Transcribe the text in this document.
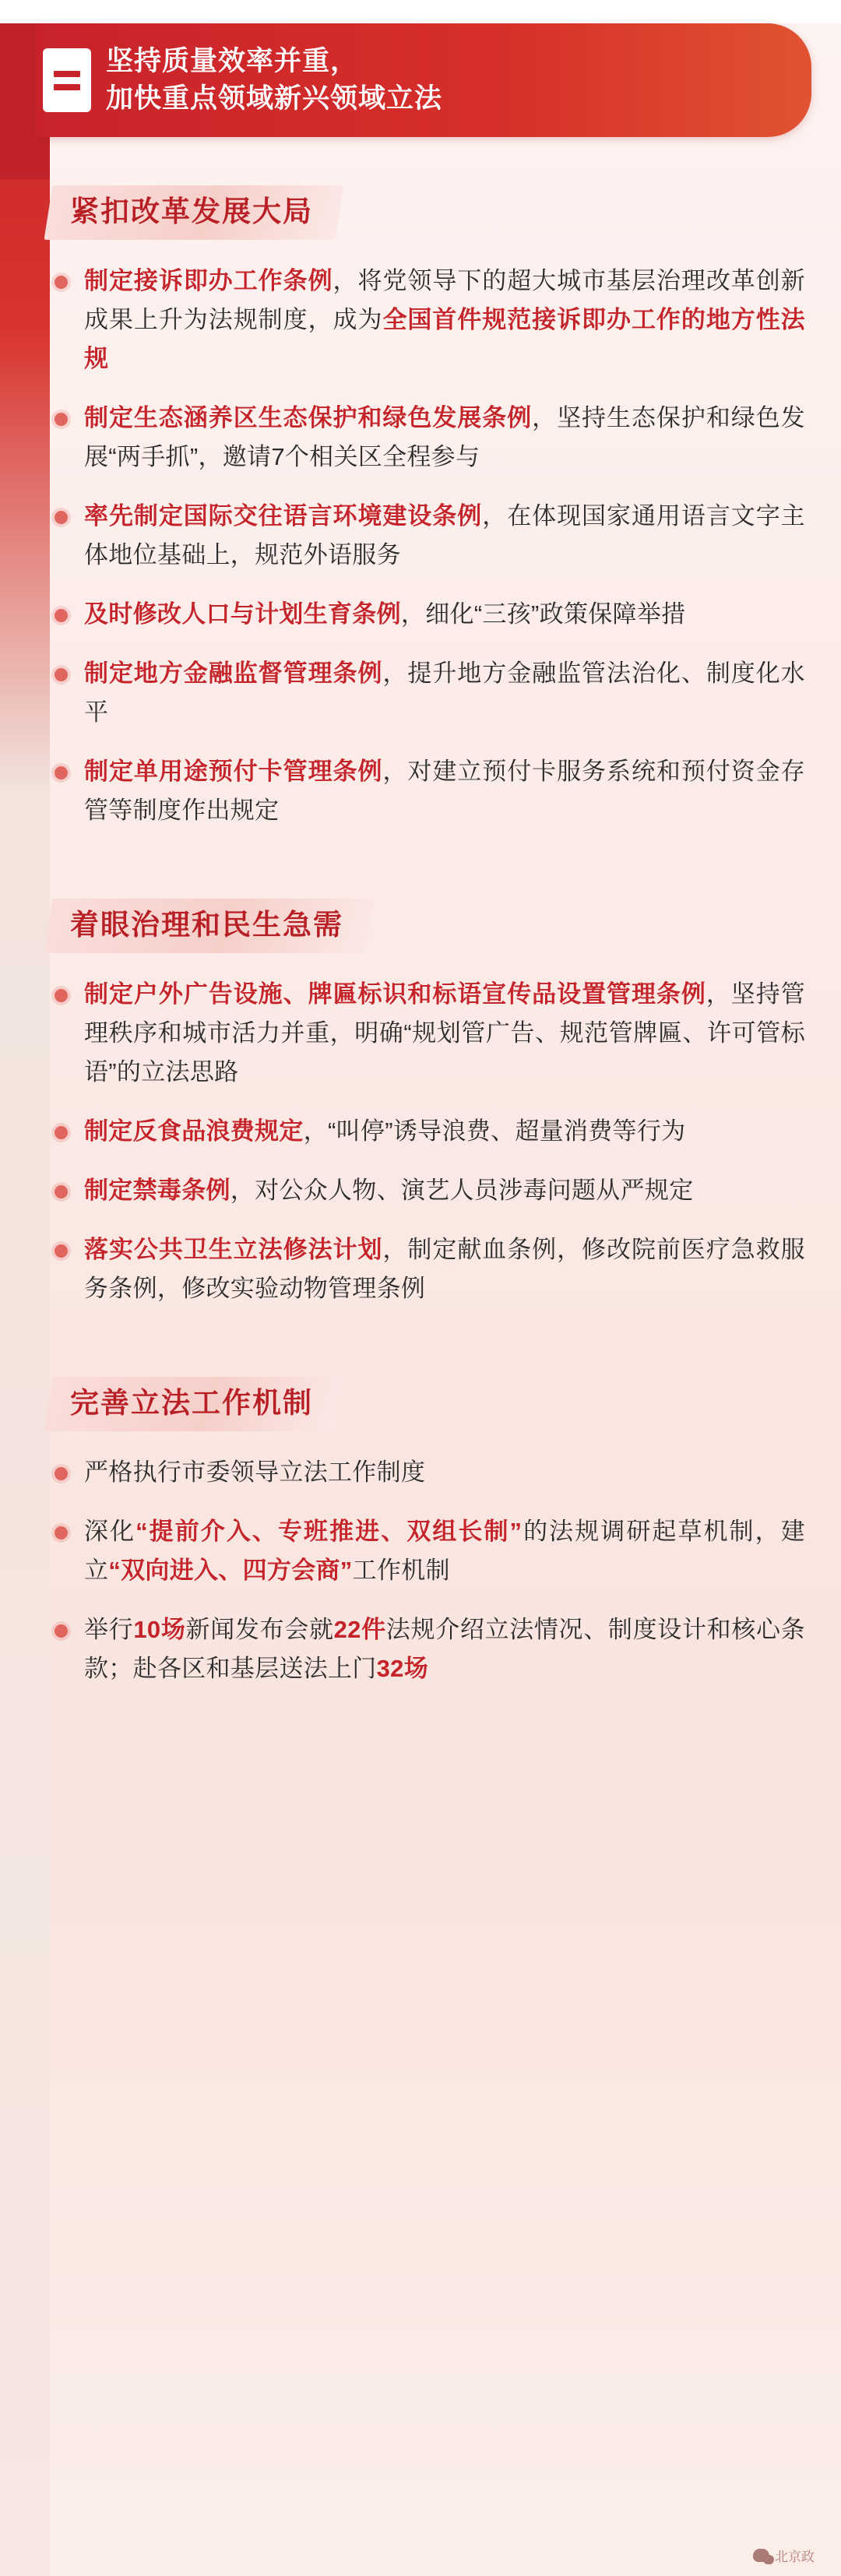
坚持质量效率并重，
加快重点领域新兴领域立法
紧扣改革发展大局
制定接诉即办工作条例，将党领导下的超大城市基层治理改革创新成果上升为法规制度，成为全国首件规范接诉即办工作的地方性法规
制定生态涵养区生态保护和绿色发展条例，坚持生态保护和绿色发展“两手抓”，邀请7个相关区全程参与
率先制定国际交往语言环境建设条例，在体现国家通用语言文字主体地位基础上，规范外语服务
及时修改人口与计划生育条例，细化“三孩”政策保障举措
制定地方金融监督管理条例，提升地方金融监管法治化、制度化水平
制定单用途预付卡管理条例，对建立预付卡服务系统和预付资金存管等制度作出规定
着眼治理和民生急需
制定户外广告设施、牌匾标识和标语宣传品设置管理条例，坚持管理秩序和城市活力并重，明确“规划管广告、规范管牌匾、许可管标语”的立法思路
制定反食品浪费规定，“叫停”诱导浪费、超量消费等行为
制定禁毒条例，对公众人物、演艺人员涉毒问题从严规定
落实公共卫生立法修法计划，制定献血条例，修改院前医疗急救服务条例，修改实验动物管理条例
完善立法工作机制
严格执行市委领导立法工作制度
深化“提前介入、专班推进、双组长制”的法规调研起草机制，建立“双向进入、四方会商”工作机制
举行10场新闻发布会就22件法规介绍立法情况、制度设计和核心条款；赴各区和基层送法上门32场
北京政
